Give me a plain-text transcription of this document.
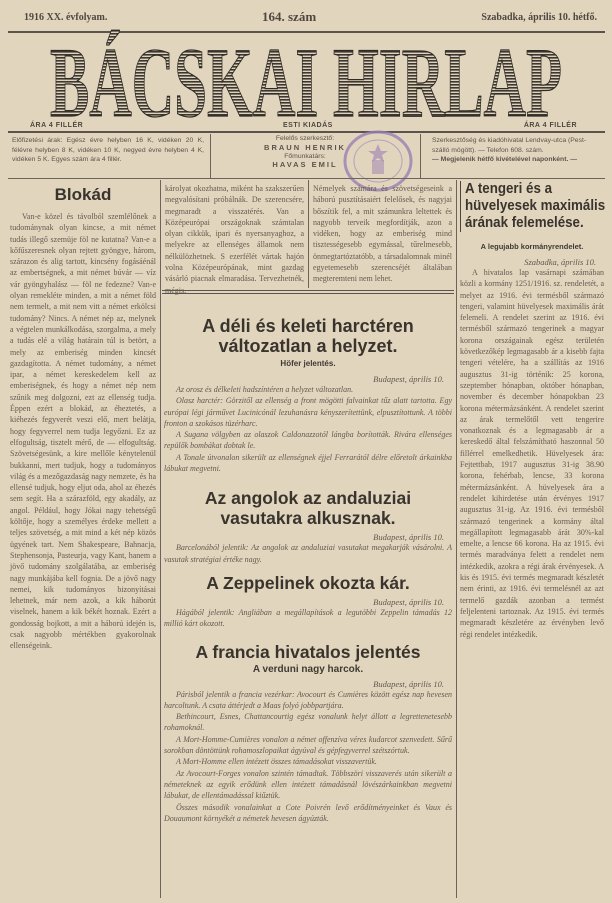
1916 XX. évfolyam.	164. szám	Szabadka, április 10. hétfő.
BÁCSKAI HIRLAP
ÁRA 4 FILLÉR	ESTI KIADÁS	ÁRA 4 FILLÉR
Előfizetési árak: Egész évre helyben 16 K, vidéken 20 K, félévre helyben 8 K, vidéken 10 K, negyed évre helyben 4 K, vidéken 5 K. Egyes szám ára 4 fillér.
Felelős szerkesztő:
BRAUN HENRIK
Főmunkatárs:
HAVAS EMIL
Szerkesztőség és kiadóhivatal Lendvay-utca (Pest-szálló mögött). — Telefon 608. szám.
— Megjelenik hétfő kivételével naponként. —
Blokád

Van-e közel és távolból szemlélőnek a tudománynak olyan kincse, a mit német tudás illegő szemüje föl ne kutatna? Van-e a kőfűszeresnek olyan rejtett gyöngye, három, szárazon és alig tartott, kincsény fogásáénál az embertségnek, a mit német búvár — víz vár gyöngyhalász — föl ne fedezne? Van-e olyan remekléte minden, a mit a német föld nem termelt, a mit nem vitt a német erkölcsi tudomány? Nincs. A német nép az, melynek a végtelen munkálkodása, szorgalma, a mely a tudás elé a világ határain túl is betört, a mely az emberiség minden kincsét gazdagította. A német tudomány, a német ipar, a német kereskedelem kell az emberiségnek, és hogy a német nép nem szűnik meg dolgozni, ezt az ellenség tudja. Éppen ezért a blokád, az éheztetés, a kiéhezés fegyverét veszi elő, mert belátja, hogy fegyverrel nem tudja legyőzni. Ez az elfogultság, tisztelt mérő, de — elfogultság. Szövetségesünk, a kire mellőle kénytelenül bukkanni, mert tudjuk, hogy a tudományos világ és a mezőgazdaság nagy nemzete, és ha ellensé tudjuk, hogy eljut oda, ahol az éhezés sem segít. Ha a szárazföld, egy akadály, az angol. Például, hogy Jókai nagy tehetségű költője, hogy a személyes érdeke mellett a teljes szövetség, a mit mind a két nép közös ügyének tart. Nem Shakespeare, Bahnacja, Stephensonja, Pasteurja, vagy Kant, hanem a jövő tudomány szolgálatába, az emberiség nagy munkájába kell fognia. De a jövő nagy nemei, kik tudományos bizonyításai lehetnek, már nem azok, a kik háborút viselnek, hanem a kik békét hoznak. Ezért a gondosság bojkott, a mit a háború idején is, csak nagyobb mértékben gyakorolnak ellenségeink.

károlyat okozhatna, miként ha szakszerűen megvalósítani próbálnák. De szerencsére, megmaradt a visszatérés. Van a Középeurópai országoknak számtalan olyan cikkük, ipari és nyersanyaghoz, a melyekre az ellenséges államok nem nélkülözhetnek. S ezerfélét vártak hajón volna Középeurópának, mint gazdag vásárló piacnak elmaradása. Tervezhetnék, mégis.

Némelyek számára és szövetségeseink a háború pusztításaiért felelősek, és nagyjai bőszítik fel, a mit számunkra leltettek és nagyobb terveik megfordítják, azon a vidéken, hogy az emberiség mind tisztességesebb egymással, tűrelmesebb, önmegtartóztatóbb, a társadalomnak minél egyetemesebb szerencséjét általában megteremteni nem lehet.

A déli és keleti harctéren változatlan a helyzet.
Höfer jelentés.
Budapest, április 10.

Az orosz és délkeleti hadszíntéren a helyzet változatlan.

Olasz harctér: Görzitől az ellenség a front mögötti falvainkat tűz alatt tartotta. Egy európai légi járművet Lucinicónál lezuhanásra kényszerítettünk, elpusztítottunk. A többi fronton a szokásos tüzérharc.

A Sugana völgyben az olaszok Caldonazzotól lángba borították. Rivára ellenséges repülők bombákat dobtak le.

A Tonale útvonalon sikerült az ellenségnek éjjel Ferrarától délre előretolt árkainkba lábukat megvetni.

Az angolok az andaluziai vasutakra alkusznak.
Budapest, április 10.

Barcelonából jelentik: Az angolok az andaluziai vasutakat megakarják vásárolni. A vasutak stratégiai értéke nagy.

A Zeppelinek okozta kár.
Budapest, április 10.

Hágából jelentik: Angliában a megállapítások a legutóbbi Zeppelin támadás 12 millió kárt okozott.

A francia hivatalos jelentés
A verduni nagy harcok.
Budapest, április 10.

Párisból jelentik a francia vezérkar: Avocourt és Cumières között egész nap hevesen harcoltunk. A csata áttérjedt a Maas folyó jobbpartjára.

Bethincourt, Esnes, Chattancourtig egész vonalunk helyt állott a legrettenetesebb rohamoknál.

A Mort-Homme-Cumières vonalon a német offenzíva véres kudarcot szenvedett. Sűrű sorokban döntöttünk rohamoszlopaikat ágyúval és gépfegyverrel szétszórtuk.

A Mort-Homme ellen intézett összes támadásokat visszavertük.

Az Avocourt-Forges vonalon szintén támadtak. Többszöri visszaverés után sikerült a németeknek az egyik erődünk ellen intézett támadásnál lövészárkainkban megvetni lábukat, de ellentámadással kiűztük.

Összes második vonalainkat a Cote Poivrén levő erődítményeinket és Vaux és Douaumont környékét a németek hevesen ágyúzták.

A tengeri és a hüvelyesek maximális árának felemelése.
A legujabb kormányrendelet.
Szabadka, április 10.

A hivatalos lap vasárnapi számában közli a kormány 1251/1916. sz. rendeletét, a melyet az 1916. évi termésből származó tengeri, valamint hüvelyesek maximális árát felemeli. A rendelet szerint az 1916. évi termésből származó tengerinek a magyar korona országainak egész területén következőkép legmagasabb ár a kisebb fajta tengeri vételére, ha a szállítás az 1916 augusztus 31-ig történik: 25 korona, szeptember hónapban, október hónapban, november és december hónapokban 23 korona métermázsánként. A rendelet szerint az árak termelőtől vett tengerire vonatkoznak és a legmagasabb ár a kereskedő által felszámítható haszonnal 50 fillérrel emelkedhetik. Hüvelyesek ára: Fejtettbab, 1917 augusztus 31-ig 38.90 korona, fehérbab, lencse, 33 korona métermázsánként. A hüvelyesek ára a rendelet kihirdetése után érvényes 1917 augusztus 31-ig. Az 1916. évi termésből származó tengerinek a kormány által megállapított legmagasabb árát 30%-kal emelte, a lencse 66 korona. Ha az 1915. évi termés maradványa felett a rendelet nem intézkedik, azokra a régi árak érvényesek. A kis és 1915. évi termés megmaradt készletét nem érinti, az 1916. évi termelésnél az azt termelő gazdák azonban a termést feljelenteni tartoznak. Az 1915. évi termés megmaradt készletére az érvényben levő régi rendelet intézkedik.
